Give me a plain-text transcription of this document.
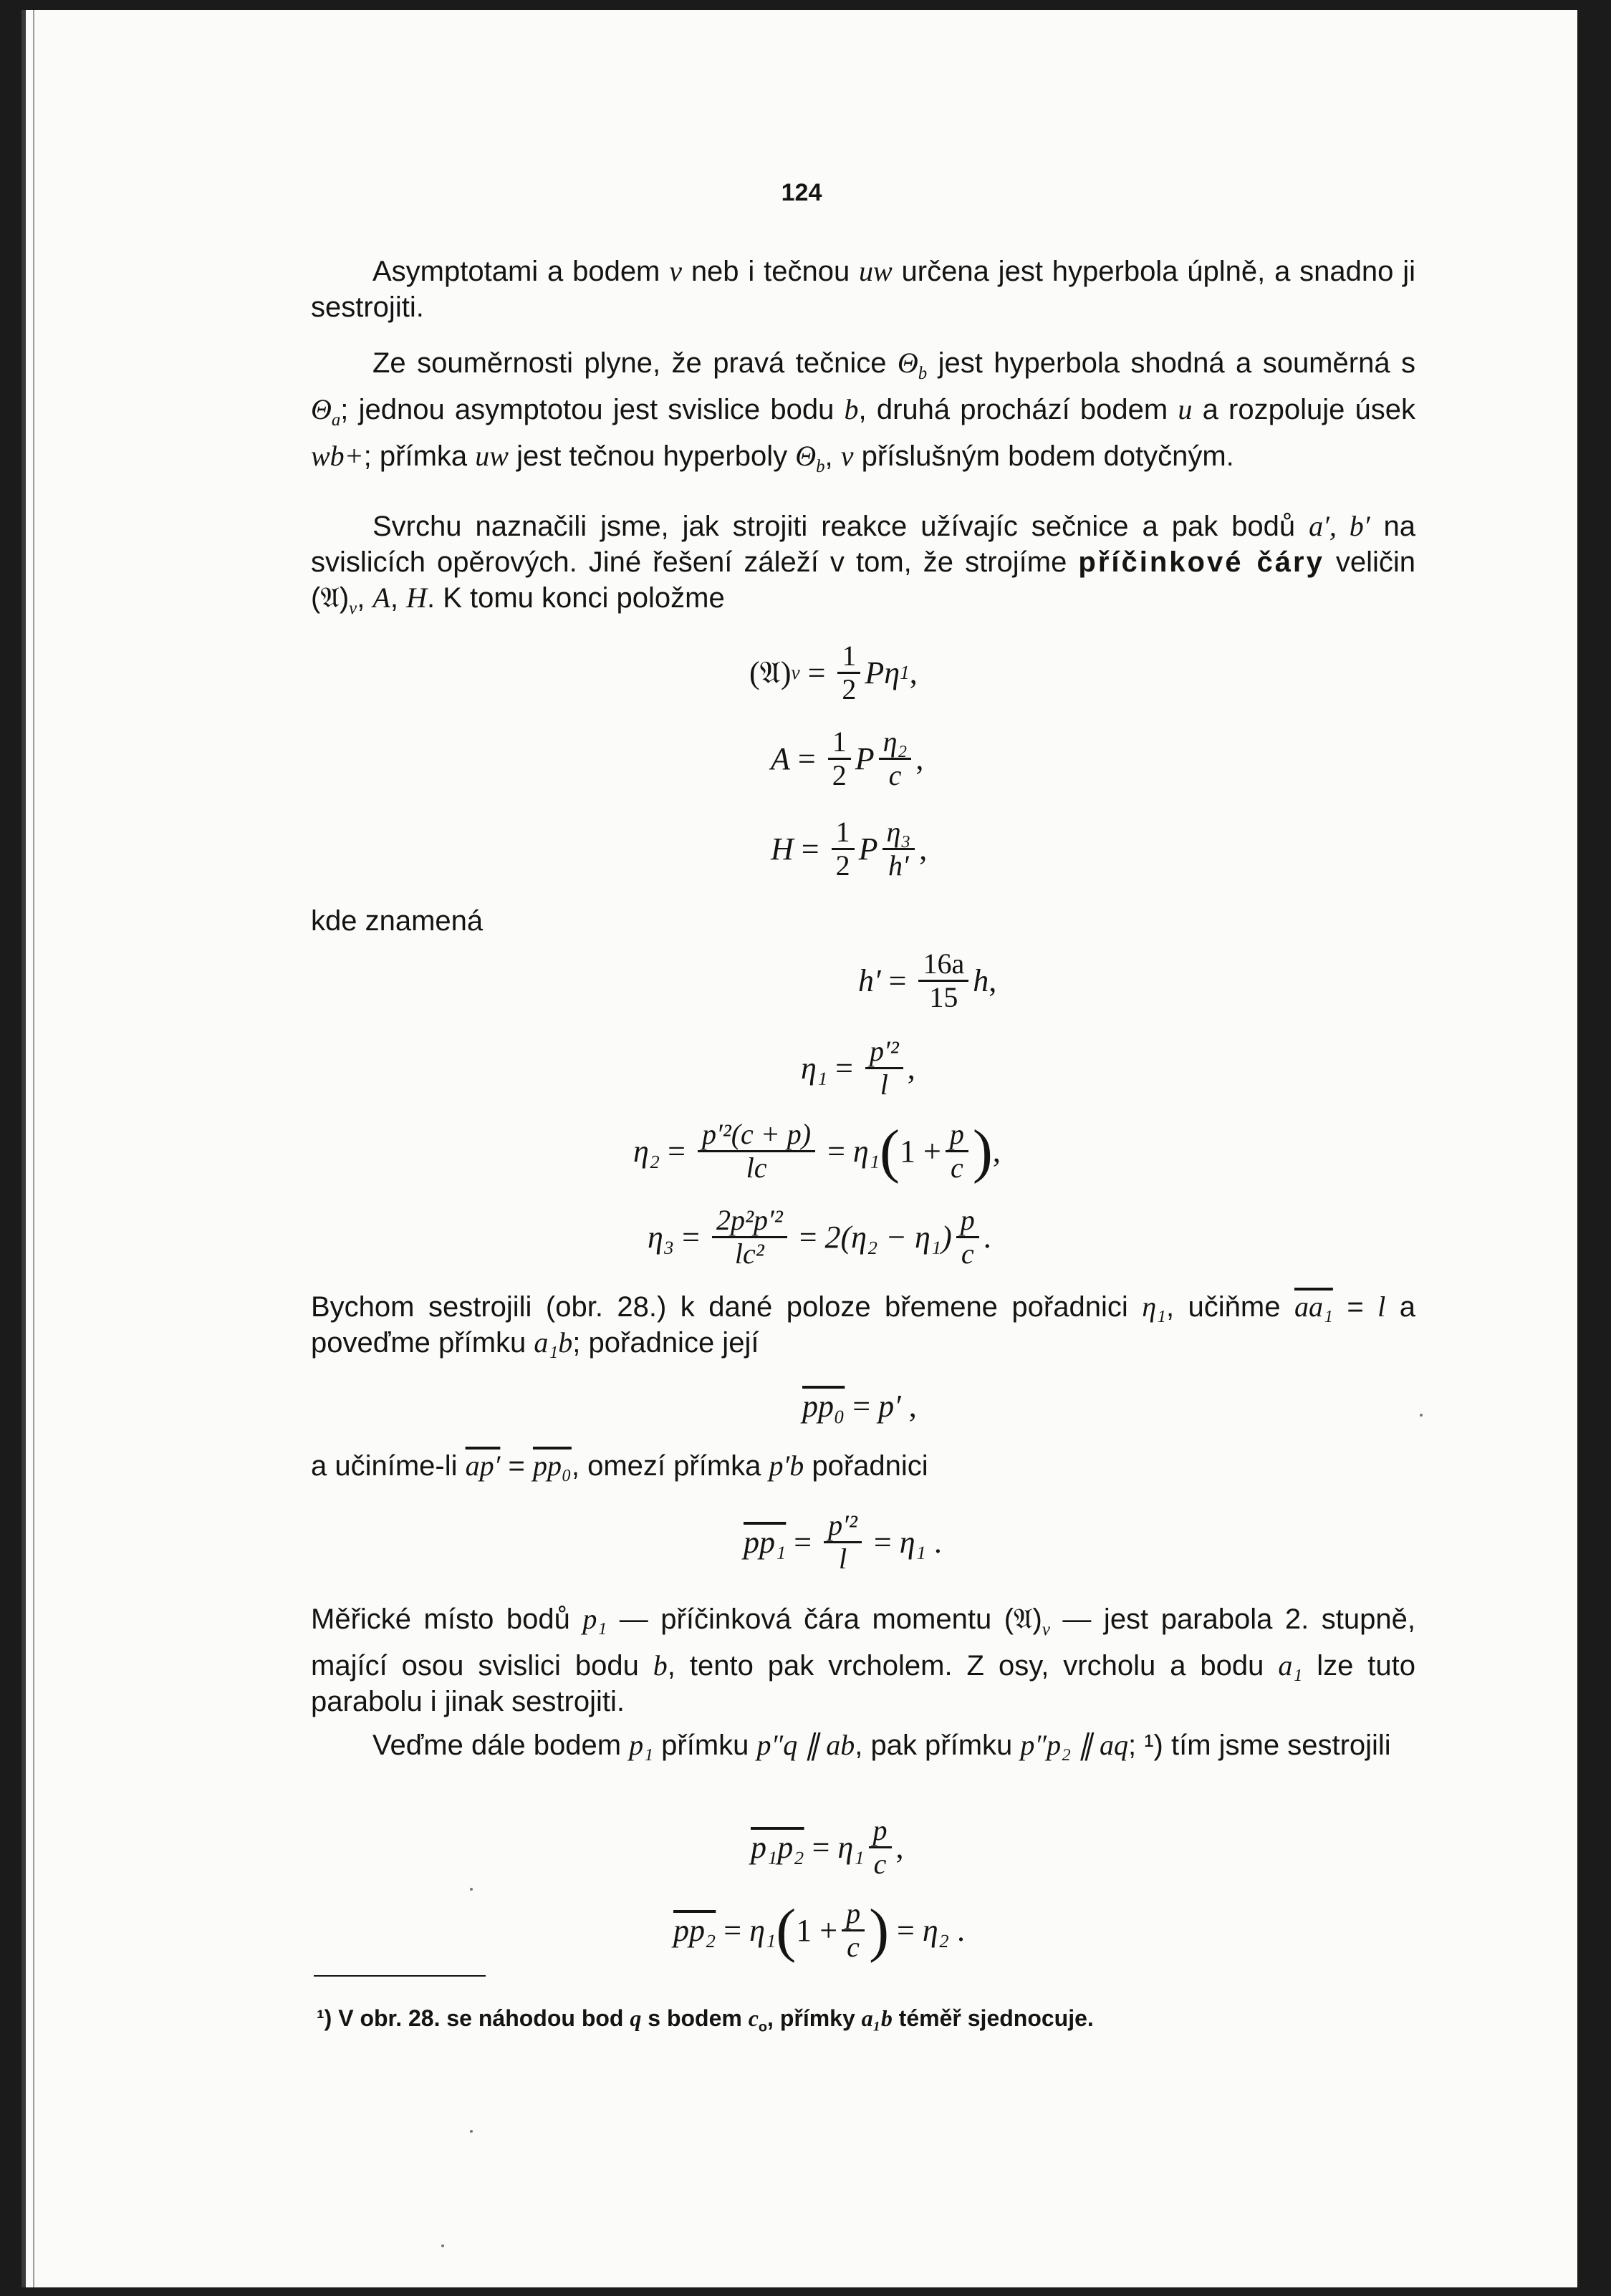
124

Asymptotami a bodem v neb i tečnou uw určena jest hyperbola úplně, a snadno ji sestrojiti.

Ze souměrnosti plyne, že pravá tečnice $\Theta_b$ jest hyperbola shodná a souměrná s $\Theta_a$; jednou asymptotou jest svislice bodu b, druhá prochází bodem u a rozpoluje úsek wb+; přímka uw jest tečnou hyperboly $\Theta_b$, v příslušným bodem dotyčným.

Svrchu naznačili jsme, jak strojiti reakce užívajíc sečnice a pak bodů a′, b′ na svislicích opěrových. Jiné řešení záleží v tom, že strojíme příčinkové čáry veličin $(𝔄)_v$, A, H. K tomu konci položme

(𝔄) $v = \frac{1}{2}$ Pη 1 ,
$A = \frac{1}{2}$ P $\frac{\text{η₂}}{c}$ ,
$H = \frac{1}{2}$ P $\frac{\text{η₃}}{h'}$ ,
kde znamená
$h' = \frac{16a}{15}$ h ,
$\eta_1 = \frac{\text{p′²}}{l}$ ,
$\eta_2 = \frac{\text{p′²(c + p)}}{lc} = \eta_1$ ( $1 + \frac{p}{c}$ ) ,
$\eta_3 = \frac{\text{2p²p′²}}{\text{lc²}} = 2(\eta_2 - \eta_1) \frac{p}{c}$ .

Bychom sestrojili (obr. 28.) k dané poloze břemene pořadnici η₁, učiňme aa₁ = l a poveďme přímku a₁b; pořadnice její

pp₀ = p′
,

a učiníme-li ap′ = pp₀, omezí přímka p′b pořadnici

$pp_1 = \frac{\text{p′²}}{l} = \eta_1$
.

Měřické místo bodů p₁ — příčinková čára momentu $(𝔄)_v$ — jest parabola 2. stupně, mající osou svislici bodu b, tento pak vrcholem. Z osy, vrcholu a bodu a₁ lze tuto parabolu i jinak sestrojiti.

Veďme dále bodem p₁ přímku p″q ∥ ab, pak přímku p″p₂ ∥ aq; ¹) tím jsme sestrojili

$p_1p_2 = \eta_1 \frac{p}{c}$ ,
pp₂ = η₁ ( $1 + \frac{p}{c}$ ) = η₂
.
¹) V obr. 28. se náhodou bod q s bodem $c_o$, přímky a₁b téměř sjednocuje.
